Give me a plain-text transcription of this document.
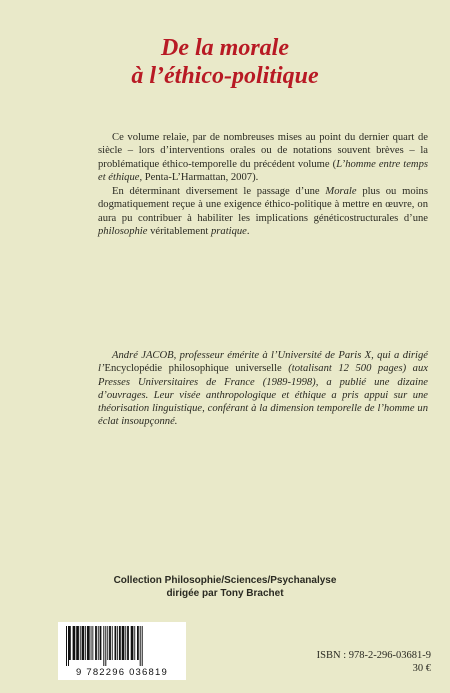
De la morale
à l’éthico-politique
Ce volume relaie, par de nombreuses mises au point du dernier quart de siècle – lors d’interventions orales ou de notations souvent brèves – la problématique éthico-temporelle du précédent volume (L’homme entre temps et éthique, Penta-L’Harmattan, 2007).
En déterminant diversement le passage d’une Morale plus ou moins dogmatiquement reçue à une exigence éthico-politique à mettre en œuvre, on aura pu contribuer à habiliter les implications généticostructurales d’une philosophie véritablement pratique.
André JACOB, professeur émérite à l’Université de Paris X, qui a dirigé l’Encyclopédie philosophique universelle (totalisant 12 500 pages) aux Presses Universitaires de France (1989-1998), a publié une dizaine d’ouvrages. Leur visée anthropologique et éthique a pris appui sur une théorisation linguistique, conférant à la dimension temporelle de l’homme un éclat insoupçonné.
Collection Philosophie/Sciences/Psychanalyse
dirigée par Tony Brachet
9 782296 036819
ISBN : 978-2-296-03681-9
30 €
